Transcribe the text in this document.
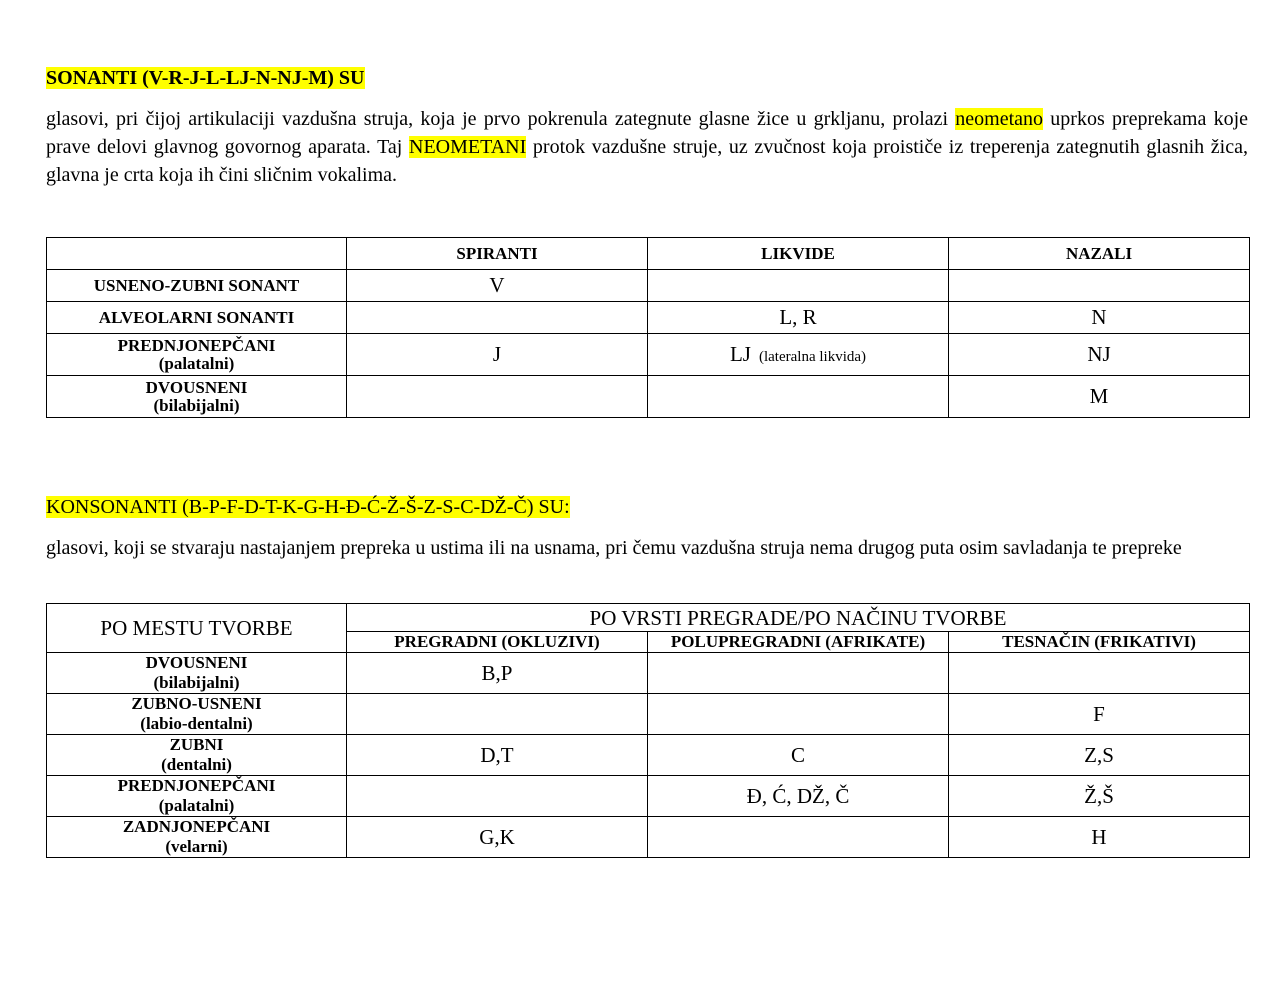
SONANTI (V-R-J-L-LJ-N-NJ-M) SU
glasovi, pri čijoj artikulaciji vazdušna struja, koja je prvo pokrenula zategnute glasne žice u grkljanu, prolazi neometano uprkos preprekama koje prave delovi glavnog govornog aparata. Taj NEOMETANI protok vazdušne struje, uz zvučnost koja proističe iz treperenja zategnutih glasnih žica, glavna je crta koja ih čini sličnim vokalima.
	SPIRANTI	LIKVIDE	NAZALI
USNENO-ZUBNI SONANT	V		
ALVEOLARNI SONANTI		L, R	N
PREDNJONEPČANI
(palatalni)	J	LJ (lateralna likvida)	NJ
DVOUSNENI
(bilabijalni)			M
KONSONANTI (B-P-F-D-T-K-G-H-Đ-Ć-Ž-Š-Z-S-C-DŽ-Č) SU:
glasovi, koji se stvaraju nastajanjem prepreka u ustima ili na usnama, pri čemu vazdušna struja nema drugog puta osim savladanja te prepreke
PO MESTU TVORBE	PO VRSTI PREGRADE/PO NAČINU TVORBE		
	PREGRADNI (OKLUZIVI)	POLUPREGRADNI (AFRIKATE)	TESNAČIN (FRIKATIVI)
DVOUSNENI
(bilabijalni)	B,P		
ZUBNO-USNENI
(labio-dentalni)			F
ZUBNI
(dentalni)	D,T	C	Z,S
PREDNJONEPČANI
(palatalni)		Đ, Ć, DŽ, Č	Ž,Š
ZADNJONEPČANI
(velarni)	G,K		H
